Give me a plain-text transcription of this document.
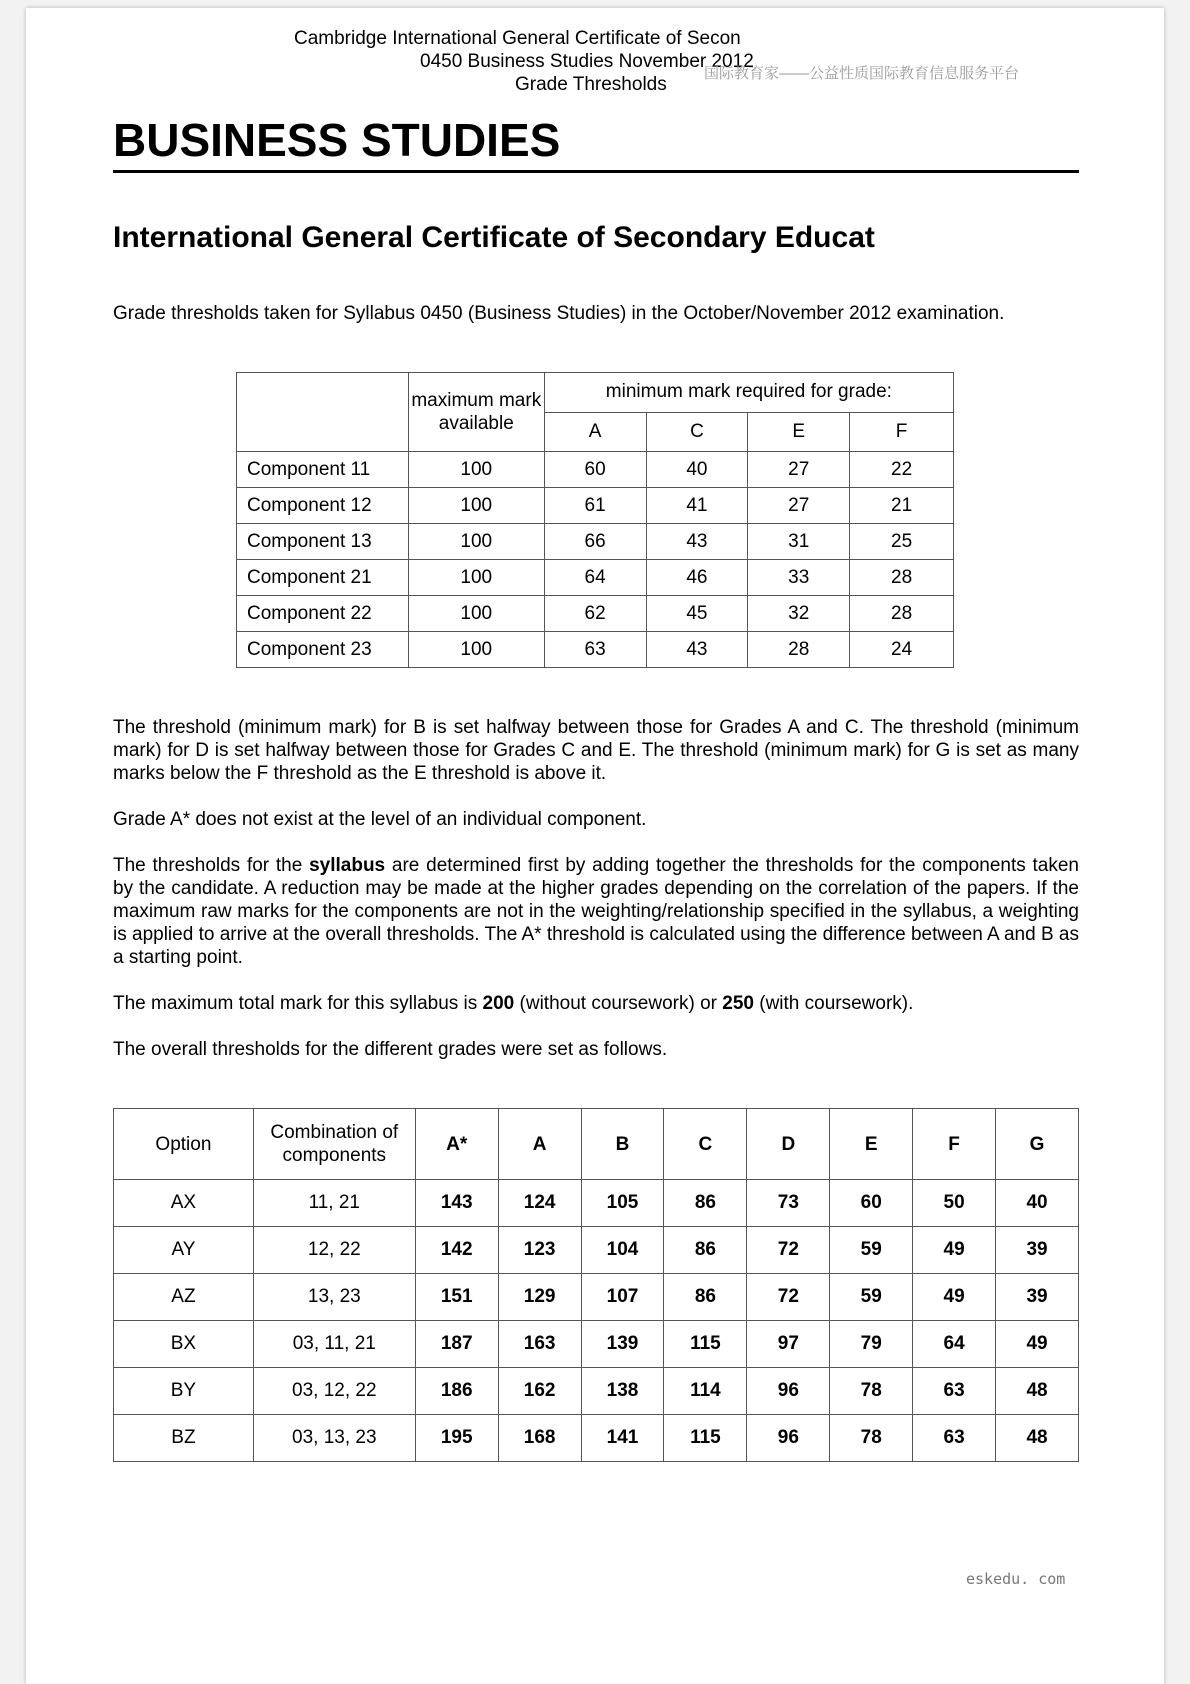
Cambridge International General Certificate of Secon
0450 Business Studies November 2012
国际教育家——公益性质国际教育信息服务平台
Grade Thresholds
BUSINESS STUDIES
International General Certificate of Secondary Educat
Grade thresholds taken for Syllabus 0450 (Business Studies) in the October/November 2012 examination.
	maximum mark available	minimum mark required for grade:			
		A	C	E	F
Component 11	100	60	40	27	22
Component 12	100	61	41	27	21
Component 13	100	66	43	31	25
Component 21	100	64	46	33	28
Component 22	100	62	45	32	28
Component 23	100	63	43	28	24

The threshold (minimum mark) for B is set halfway between those for Grades A and C. The threshold (minimum mark) for D is set halfway between those for Grades C and E. The threshold (minimum mark) for G is set as many marks below the F threshold as the E threshold is above it.

Grade A* does not exist at the level of an individual component.

The thresholds for the syllabus are determined first by adding together the thresholds for the components taken by the candidate. A reduction may be made at the higher grades depending on the correlation of the papers. If the maximum raw marks for the components are not in the weighting/relationship specified in the syllabus, a weighting is applied to arrive at the overall thresholds. The A* threshold is calculated using the difference between A and B as a starting point.

The maximum total mark for this syllabus is 200 (without coursework) or 250 (with coursework).

The overall thresholds for the different grades were set as follows.

Option	Combination of components	A*	A	B	C	D	E	F	G
AX	11, 21	143	124	105	86	73	60	50	40
AY	12, 22	142	123	104	86	72	59	49	39
AZ	13, 23	151	129	107	86	72	59	49	39
BX	03, 11, 21	187	163	139	115	97	79	64	49
BY	03, 12, 22	186	162	138	114	96	78	63	48
BZ	03, 13, 23	195	168	141	115	96	78	63	48
eskedu. com
